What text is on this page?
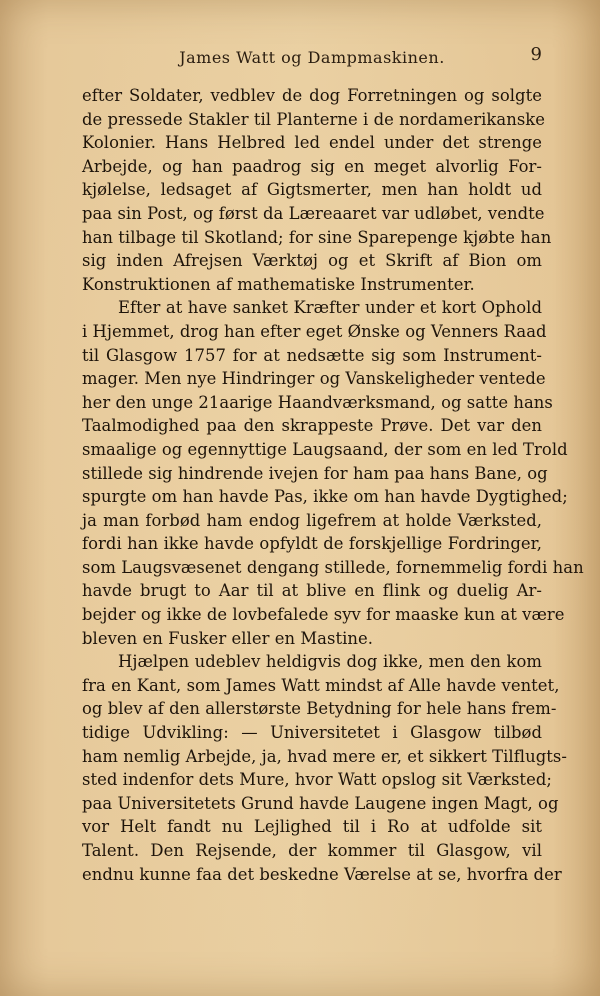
James Watt og Dampmaskinen.	9
efter Soldater, vedblev de dog Forretningen og solgte
de pressede Stakler til Planterne i de nordamerikanske
Kolonier. Hans Helbred led endel under det strenge
Arbejde, og han paadrog sig en meget alvorlig For-
kjølelse, ledsaget af Gigtsmerter, men han holdt ud
paa sin Post, og først da Læreaaret var udløbet, vendte
han tilbage til Skotland; for sine Sparepenge kjøbte han
sig inden Afrejsen Værktøj og et Skrift af Bion om
Konstruktionen af mathematiske Instrumenter.
Efter at have sanket Kræfter under et kort Ophold
i Hjemmet, drog han efter eget Ønske og Venners Raad
til Glasgow 1757 for at nedsætte sig som Instrument-
mager. Men nye Hindringer og Vanskeligheder ventede
her den unge 21aarige Haandværksmand, og satte hans
Taalmodighed paa den skrappeste Prøve. Det var den
smaalige og egennyttige Laugsaand, der som en led Trold
stillede sig hindrende ivejen for ham paa hans Bane, og
spurgte om han havde Pas, ikke om han havde Dygtighed;
ja man forbød ham endog ligefrem at holde Værksted,
fordi han ikke havde opfyldt de forskjellige Fordringer,
som Laugsvæsenet dengang stillede, fornemmelig fordi han
havde brugt to Aar til at blive en flink og duelig Ar-
bejder og ikke de lovbefalede syv for maaske kun at være
bleven en Fusker eller en Mastine.
Hjælpen udeblev heldigvis dog ikke, men den kom
fra en Kant, som James Watt mindst af Alle havde ventet,
og blev af den allerstørste Betydning for hele hans frem-
tidige Udvikling: — Universitetet i Glasgow tilbød
ham nemlig Arbejde, ja, hvad mere er, et sikkert Tilflugts-
sted indenfor dets Mure, hvor Watt opslog sit Værksted;
paa Universitetets Grund havde Laugene ingen Magt, og
vor Helt fandt nu Lejlighed til i Ro at udfolde sit
Talent. Den Rejsende, der kommer til Glasgow, vil
endnu kunne faa det beskedne Værelse at se, hvorfra der
